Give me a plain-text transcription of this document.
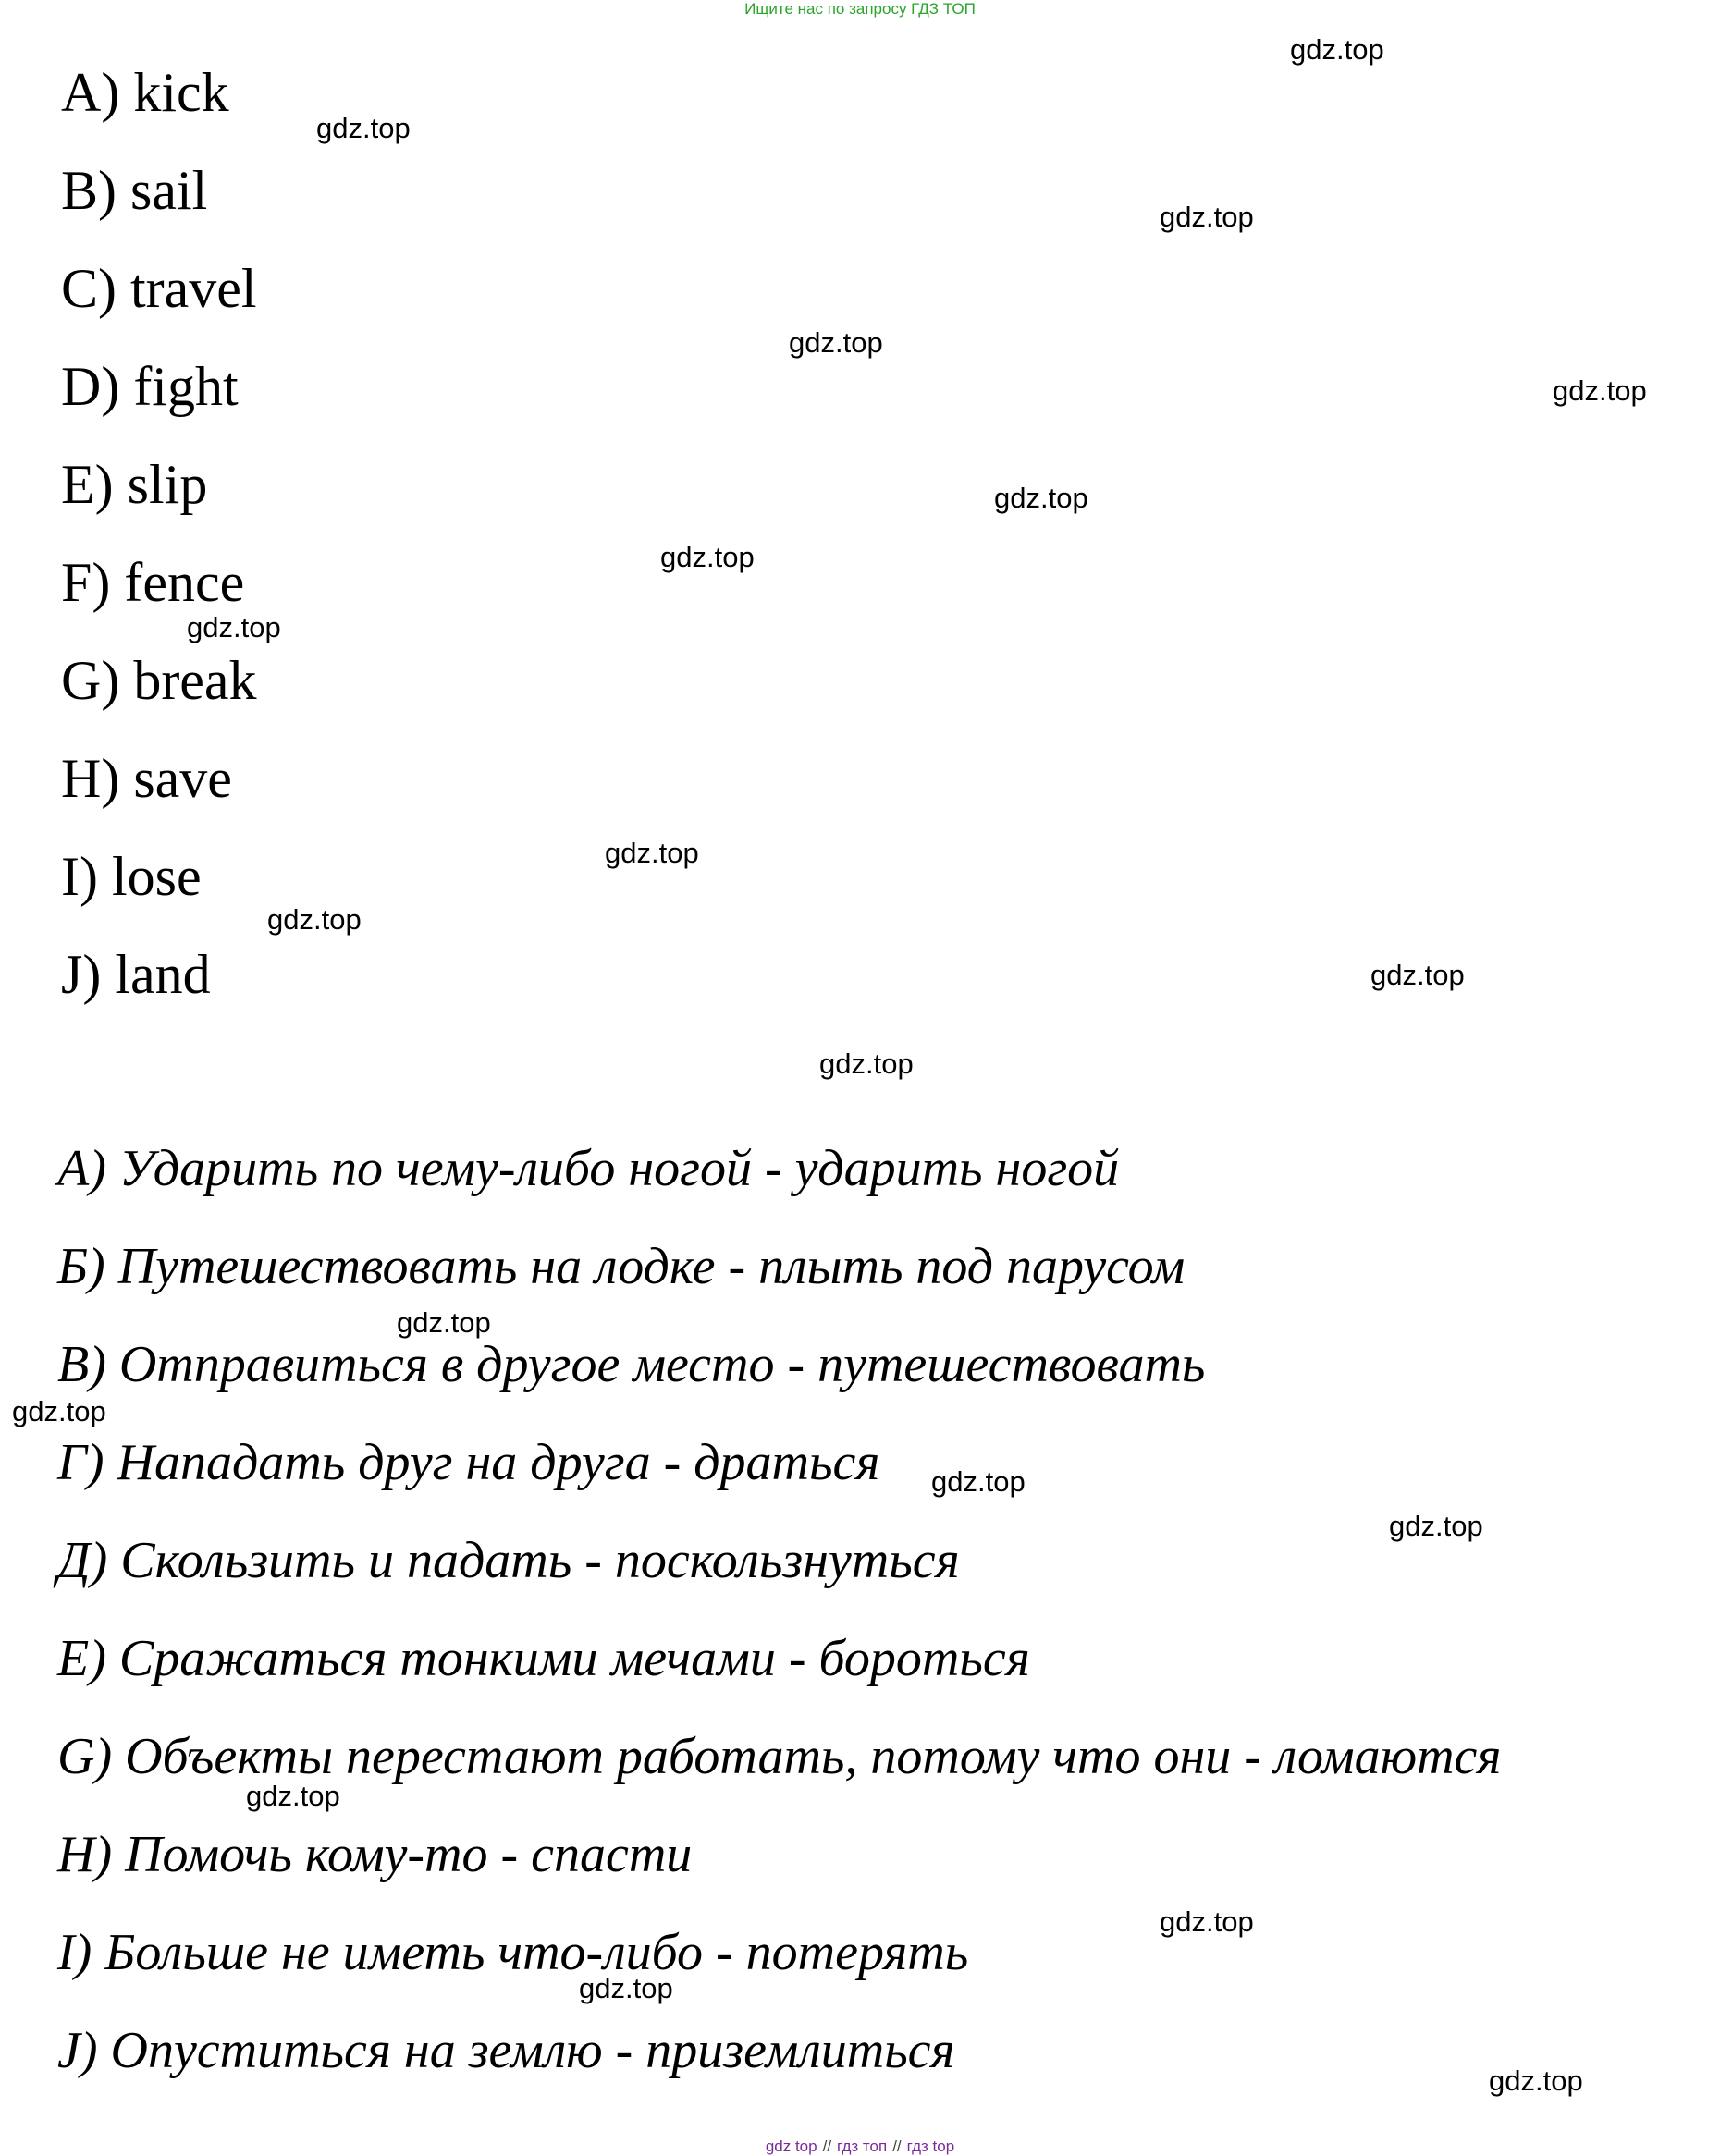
Ищите нас по запросу ГДЗ ТОП
A) kick
B) sail
C) travel
D) fight
E) slip
F) fence
G) break
H) save
I) lose
J) land
А) Ударить по чему-либо ногой - ударить ногой
Б) Путешествовать на лодке - плыть под парусом
В) Отправиться в другое место - путешествовать
Г) Нападать друг на друга - драться
Д) Скользить и падать - поскользнуться
Е) Сражаться тонкими мечами - бороться
G) Объекты перестают работать, потому что они - ломаются
Н) Помочь кому-то - спасти
I) Больше не иметь что-либо - потерять
J) Опуститься на землю - приземлиться
gdz.top
gdz.top
gdz.top
gdz.top
gdz.top
gdz.top
gdz.top
gdz.top
gdz.top
gdz.top
gdz.top
gdz.top
gdz.top
gdz.top
gdz.top
gdz.top
gdz.top
gdz.top
gdz.top
gdz.top
gdz top // гдз топ // гдз top
